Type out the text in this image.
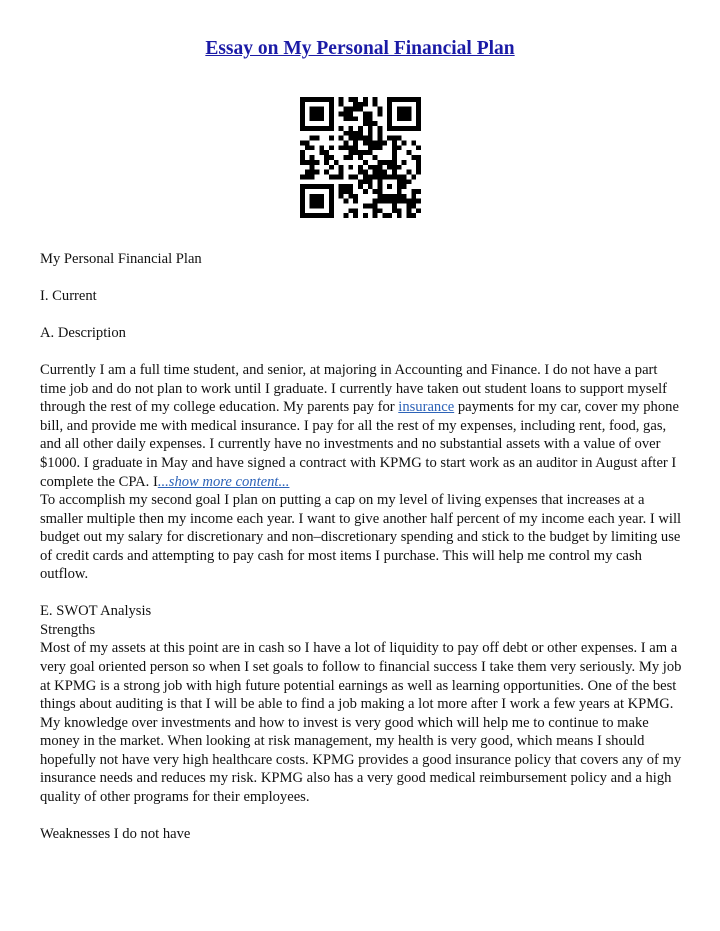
Essay on My Personal Financial Plan

My Personal Financial Plan

I. Current

A. Description

Currently I am a full time student, and senior, at majoring in Accounting and Finance. I do not have a part time job and do not plan to work until I graduate. I currently have taken out student loans to support myself through the rest of my college education. My parents pay for insurance payments for my car, cover my phone bill, and provide me with medical insurance. I pay for all the rest of my expenses, including rent, food, gas, and all other daily expenses. I currently have no investments and no substantial assets with a value of over $1000. I graduate in May and have signed a contract with KPMG to start work as an auditor in August after I complete the CPA. I...show more content...

To accomplish my second goal I plan on putting a cap on my level of living expenses that increases at a smaller multiple then my income each year. I want to give another half percent of my income each year. I will budget out my salary for discretionary and non–discretionary spending and stick to the budget by limiting use of credit cards and attempting to pay cash for most items I purchase. This will help me control my cash outflow.

E. SWOT Analysis

Strengths

Most of my assets at this point are in cash so I have a lot of liquidity to pay off debt or other expenses. I am a very goal oriented person so when I set goals to follow to financial success I take them very seriously. My job at KPMG is a strong job with high future potential earnings as well as learning opportunities. One of the best things about auditing is that I will be able to find a job making a lot more after I work a few years at KPMG. My knowledge over investments and how to invest is very good which will help me to continue to make money in the market. When looking at risk management, my health is very good, which means I should hopefully not have very high healthcare costs. KPMG provides a good insurance policy that covers any of my insurance needs and reduces my risk. KPMG also has a very good medical reimbursement policy and a high quality of other programs for their employees.

Weaknesses I do not have
